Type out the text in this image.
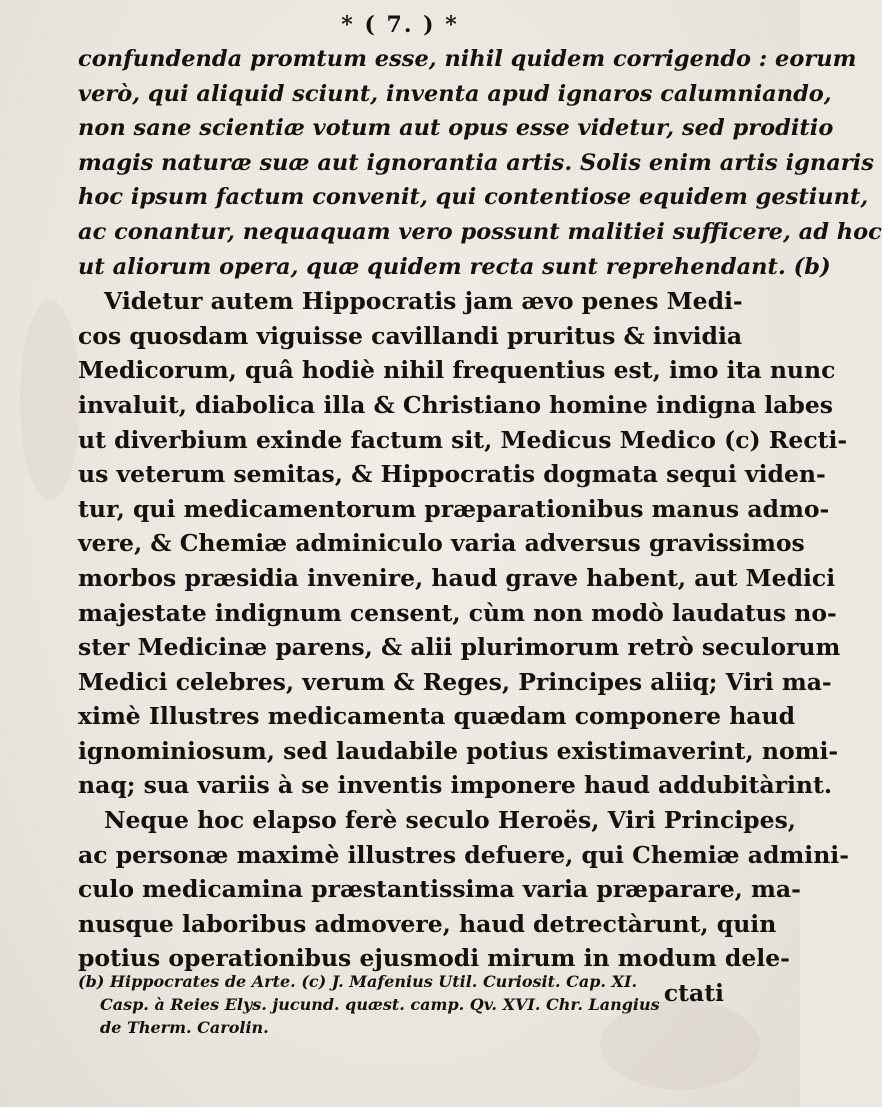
* ( 7. ) *
confundenda promtum esse, nihil quidem corrigendo : eorum
verò, qui aliquid sciunt, inventa apud ignaros calumniando,
non sane scientiæ votum aut opus esse videtur, sed proditio
magis naturæ suæ aut ignorantia artis. Solis enim artis ignaris
hoc ipsum factum convenit, qui contentiose equidem gestiunt,
ac conantur, nequaquam vero possunt malitiei sufficere, ad hoc
ut aliorum opera, quæ quidem recta sunt reprehendant. (b)
Videtur autem Hippocratis jam ævo penes Medi-
cos quosdam viguisse cavillandi pruritus & invidia
Medicorum, quâ hodiè nihil frequentius est, imo ita nunc
invaluit, diabolica illa & Christiano homine indigna labes
ut diverbium exinde factum sit, Medicus Medico (c) Recti-
us veterum semitas, & Hippocratis dogmata sequi viden-
tur, qui medicamentorum præparationibus manus admo-
vere, & Chemiæ adminiculo varia adversus gravissimos
morbos præsidia invenire, haud grave habent, aut Medici
majestate indignum censent, cùm non modò laudatus no-
ster Medicinæ parens, & alii plurimorum retrò seculorum
Medici celebres, verum & Reges, Principes aliiq; Viri ma-
ximè Illustres medicamenta quædam componere haud
ignominiosum, sed laudabile potius existimaverint, nomi-
naq; sua variis à se inventis imponere haud addubitàrint.
Neque hoc elapso ferè seculo Heroës, Viri Principes,
ac personæ maximè illustres defuere, qui Chemiæ admini-
culo medicamina præstantissima varia præparare, ma-
nusque laboribus admovere, haud detrectàrunt, quin
potius operationibus ejusmodi mirum in modum dele-
ctati
(b) Hippocrates de Arte. (c) J. Mafenius Util. Curiosit. Cap. XI.
Casp. à Reies Elys. jucund. quæst. camp. Qv. XVI. Chr. Langius
de Therm. Carolin.
